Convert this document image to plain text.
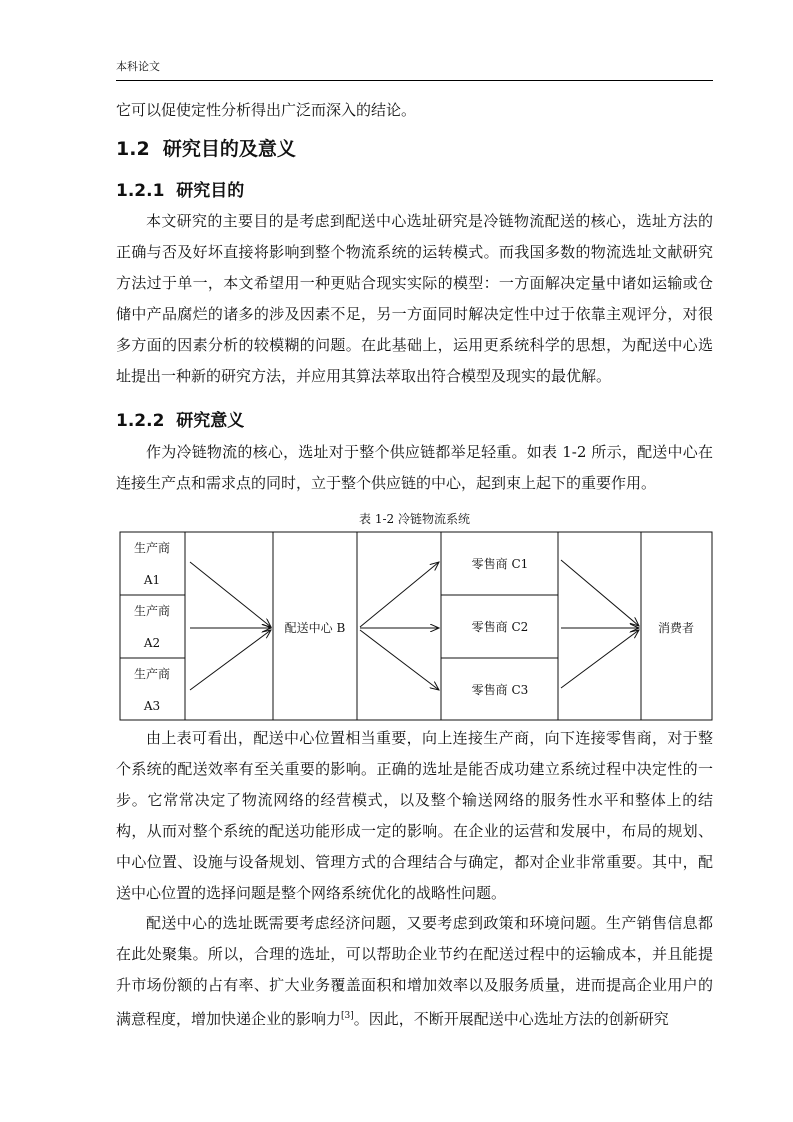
本科论文

它可以促使定性分析得出广泛而深入的结论。

1.2 研究目的及意义
1.2.1 研究目的

本文研究的主要目的是考虑到配送中心选址研究是冷链物流配送的核心，选址方法的正确与否及好坏直接将影响到整个物流系统的运转模式。而我国多数的物流选址文献研究方法过于单一，本文希望用一种更贴合现实实际的模型：一方面解决定量中诸如运输或仓储中产品腐烂的诸多的涉及因素不足，另一方面同时解决定性中过于依靠主观评分，对很多方面的因素分析的较模糊的问题。在此基础上，运用更系统科学的思想，为配送中心选址提出一种新的研究方法，并应用其算法萃取出符合模型及现实的最优解。

1.2.2 研究意义

作为冷链物流的核心，选址对于整个供应链都举足轻重。如表 1-2 所示，配送中心在连接生产点和需求点的同时，立于整个供应链的中心，起到束上起下的重要作用。

表 1-2 冷链物流系统
生产商
A1
生产商
A2
生产商
A3
配送中心 B
零售商 C1
零售商 C2
零售商 C3
消费者

由上表可看出，配送中心位置相当重要，向上连接生产商，向下连接零售商，对于整个系统的配送效率有至关重要的影响。正确的选址是能否成功建立系统过程中决定性的一步。它常常决定了物流网络的经营模式，以及整个输送网络的服务性水平和整体上的结构，从而对整个系统的配送功能形成一定的影响。在企业的运营和发展中，布局的规划、中心位置、设施与设备规划、管理方式的合理结合与确定，都对企业非常重要。其中，配送中心位置的选择问题是整个网络系统优化的战略性问题。

配送中心的选址既需要考虑经济问题，又要考虑到政策和环境问题。生产销售信息都在此处聚集。所以，合理的选址，可以帮助企业节约在配送过程中的运输成本，并且能提升市场份额的占有率、扩大业务覆盖面积和增加效率以及服务质量，进而提高企业用户的满意程度，增加快递企业的影响力[3]。因此，不断开展配送中心选址方法的创新研究
